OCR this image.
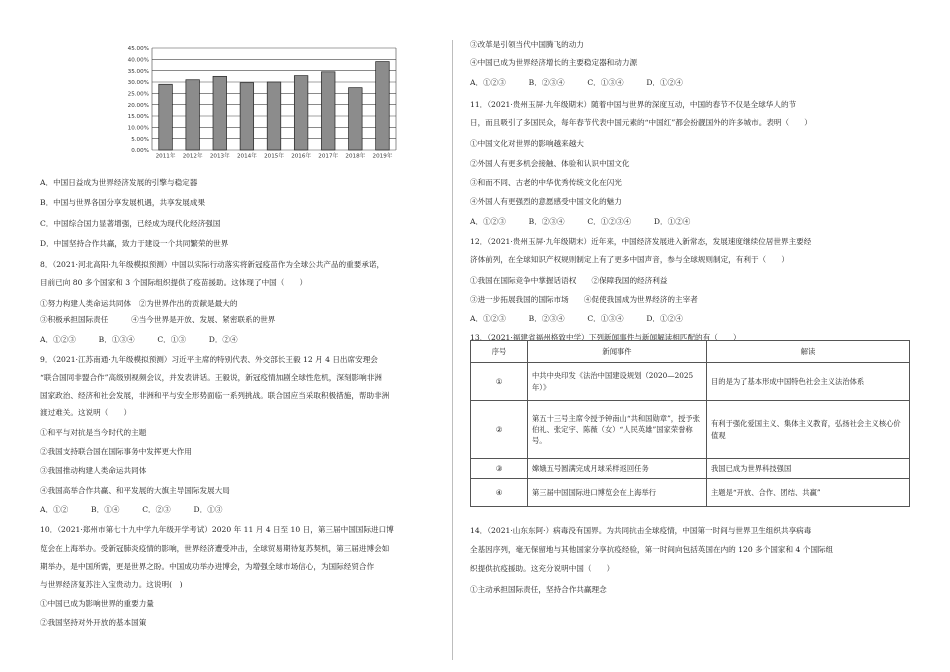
0.00%
5.00%
10.00%
15.00%
20.00%
25.00%
30.00%
35.00%
40.00%
45.00%
2011年 2012年 2013年 2014年 2015年 2016年 2017年 2018年 2019年
A．中国日益成为世界经济发展的引擎与稳定器
B．中国与世界各国分享发展机遇，共享发展成果
C．中国综合国力显著增强，已经成为现代化经济强国
D．中国坚持合作共赢，致力于建设一个共同繁荣的世界
8．（2021·河北高阳·九年级模拟预测）中国以实际行动落实将新冠疫苗作为全球公共产品的重要承诺，
目前已向 80 多个国家和 3 个国际组织提供了疫苗援助。这体现了中国（　　）
①努力构建人类命运共同体　②为世界作出的贡献是最大的
③积极承担国际责任　　　④当今世界是开放、发展、紧密联系的世界
A．①②③　　　B．①③④　　　C．①③　　　D．②④
9．（2021·江苏南通·九年级模拟预测）习近平主席的特别代表、外交部长王毅 12 月 4 日出席安理会
“联合国同非盟合作”高级别视频会议，并发表讲话。王毅说，新冠疫情加剧全球性危机，深刻影响非洲
国家政治、经济和社会发展，非洲和平与安全形势面临一系列挑战。联合国应当采取积极措施，帮助非洲
渡过难关。这说明（　　）
①和平与对抗是当今时代的主题
②我国支持联合国在国际事务中发挥更大作用
③我国推动构建人类命运共同体
④我国高举合作共赢、和平发展的大旗主导国际发展大局
A．①②　　　B．①④　　　C．②③　　　D．①③
10．（2021·郑州市第七十九中学九年级开学考试）2020 年 11 月 4 日至 10 日，第三届中国国际进口博
览会在上海举办。受新冠肺炎疫情的影响，世界经济遭受冲击，全球贸易期待复苏契机，第三届进博会如
期举办，是中国所需，更是世界之盼。中国成功举办进博会，为增强全球市场信心，为国际经贸合作
与世界经济复苏注入宝贵动力。这说明(　)
①中国已成为影响世界的重要力量
②我国坚持对外开放的基本国策
③改革是引领当代中国腾飞的动力
④中国已成为世界经济增长的主要稳定器和动力源
A．①②③　　　B．②③④　　　C．①③④　　　D．①②④
11．（2021·贵州玉屏·九年级期末）随着中国与世界的深度互动，中国的春节不仅是全球华人的节
日，而且吸引了多国民众，每年春节代表中国元素的“中国红”都会扮靓国外的许多城市。表明（　　）
①中国文化对世界的影响越来越大
②外国人有更多机会接触、体验和认识中国文化
③和而不同、古老的中华优秀传统文化在闪光
④外国人有更强烈的意愿感受中国文化的魅力
A．①②③　　　B．②③④　　　C．①②③④　　　D．①②④
12．（2021·贵州玉屏·九年级期末）近年来，中国经济发展进入新常态，发展速度继续位居世界主要经
济体前列，在全球知识产权规则制定上有了更多中国声音，参与全球规则制定，有利于（　　）
①我国在国际竞争中掌握话语权　　②保障我国的经济利益
③进一步拓展我国的国际市场　　④促使我国成为世界经济的主宰者
A．①②③　　　B．②③④　　　C．①③④　　　D．①②④
13．（2021·福建省福州格致中学）下列新闻事件与新闻解读相匹配的有（　　）
序号	新闻事件	解读
①	中共中央印发《法治中国建设规划（2020—2025年）》	目的是为了基本形成中国特色社会主义法治体系
②	第五十三号主席令授予钟南山“共和国勋章”，授予张伯礼、张定宇、陈薇（女）“人民英雄”国家荣誉称号。	有利于强化爱国主义、集体主义教育，弘扬社会主义核心价值观
③	嫦娥五号圆满完成月球采样返回任务	我国已成为世界科技强国
④	第三届中国国际进口博览会在上海举行	主题是“开放、合作、团结、共赢”
14．（2021·山东东阿·）病毒没有国界。为共同抗击全球疫情，中国第一时间与世界卫生组织共享病毒
全基因序列，毫无保留地与其他国家分享抗疫经验，第一时间向包括英国在内的 120 多个国家和 4 个国际组
织提供抗疫援助。这充分说明中国（　　）
①主动承担国际责任，坚持合作共赢理念
